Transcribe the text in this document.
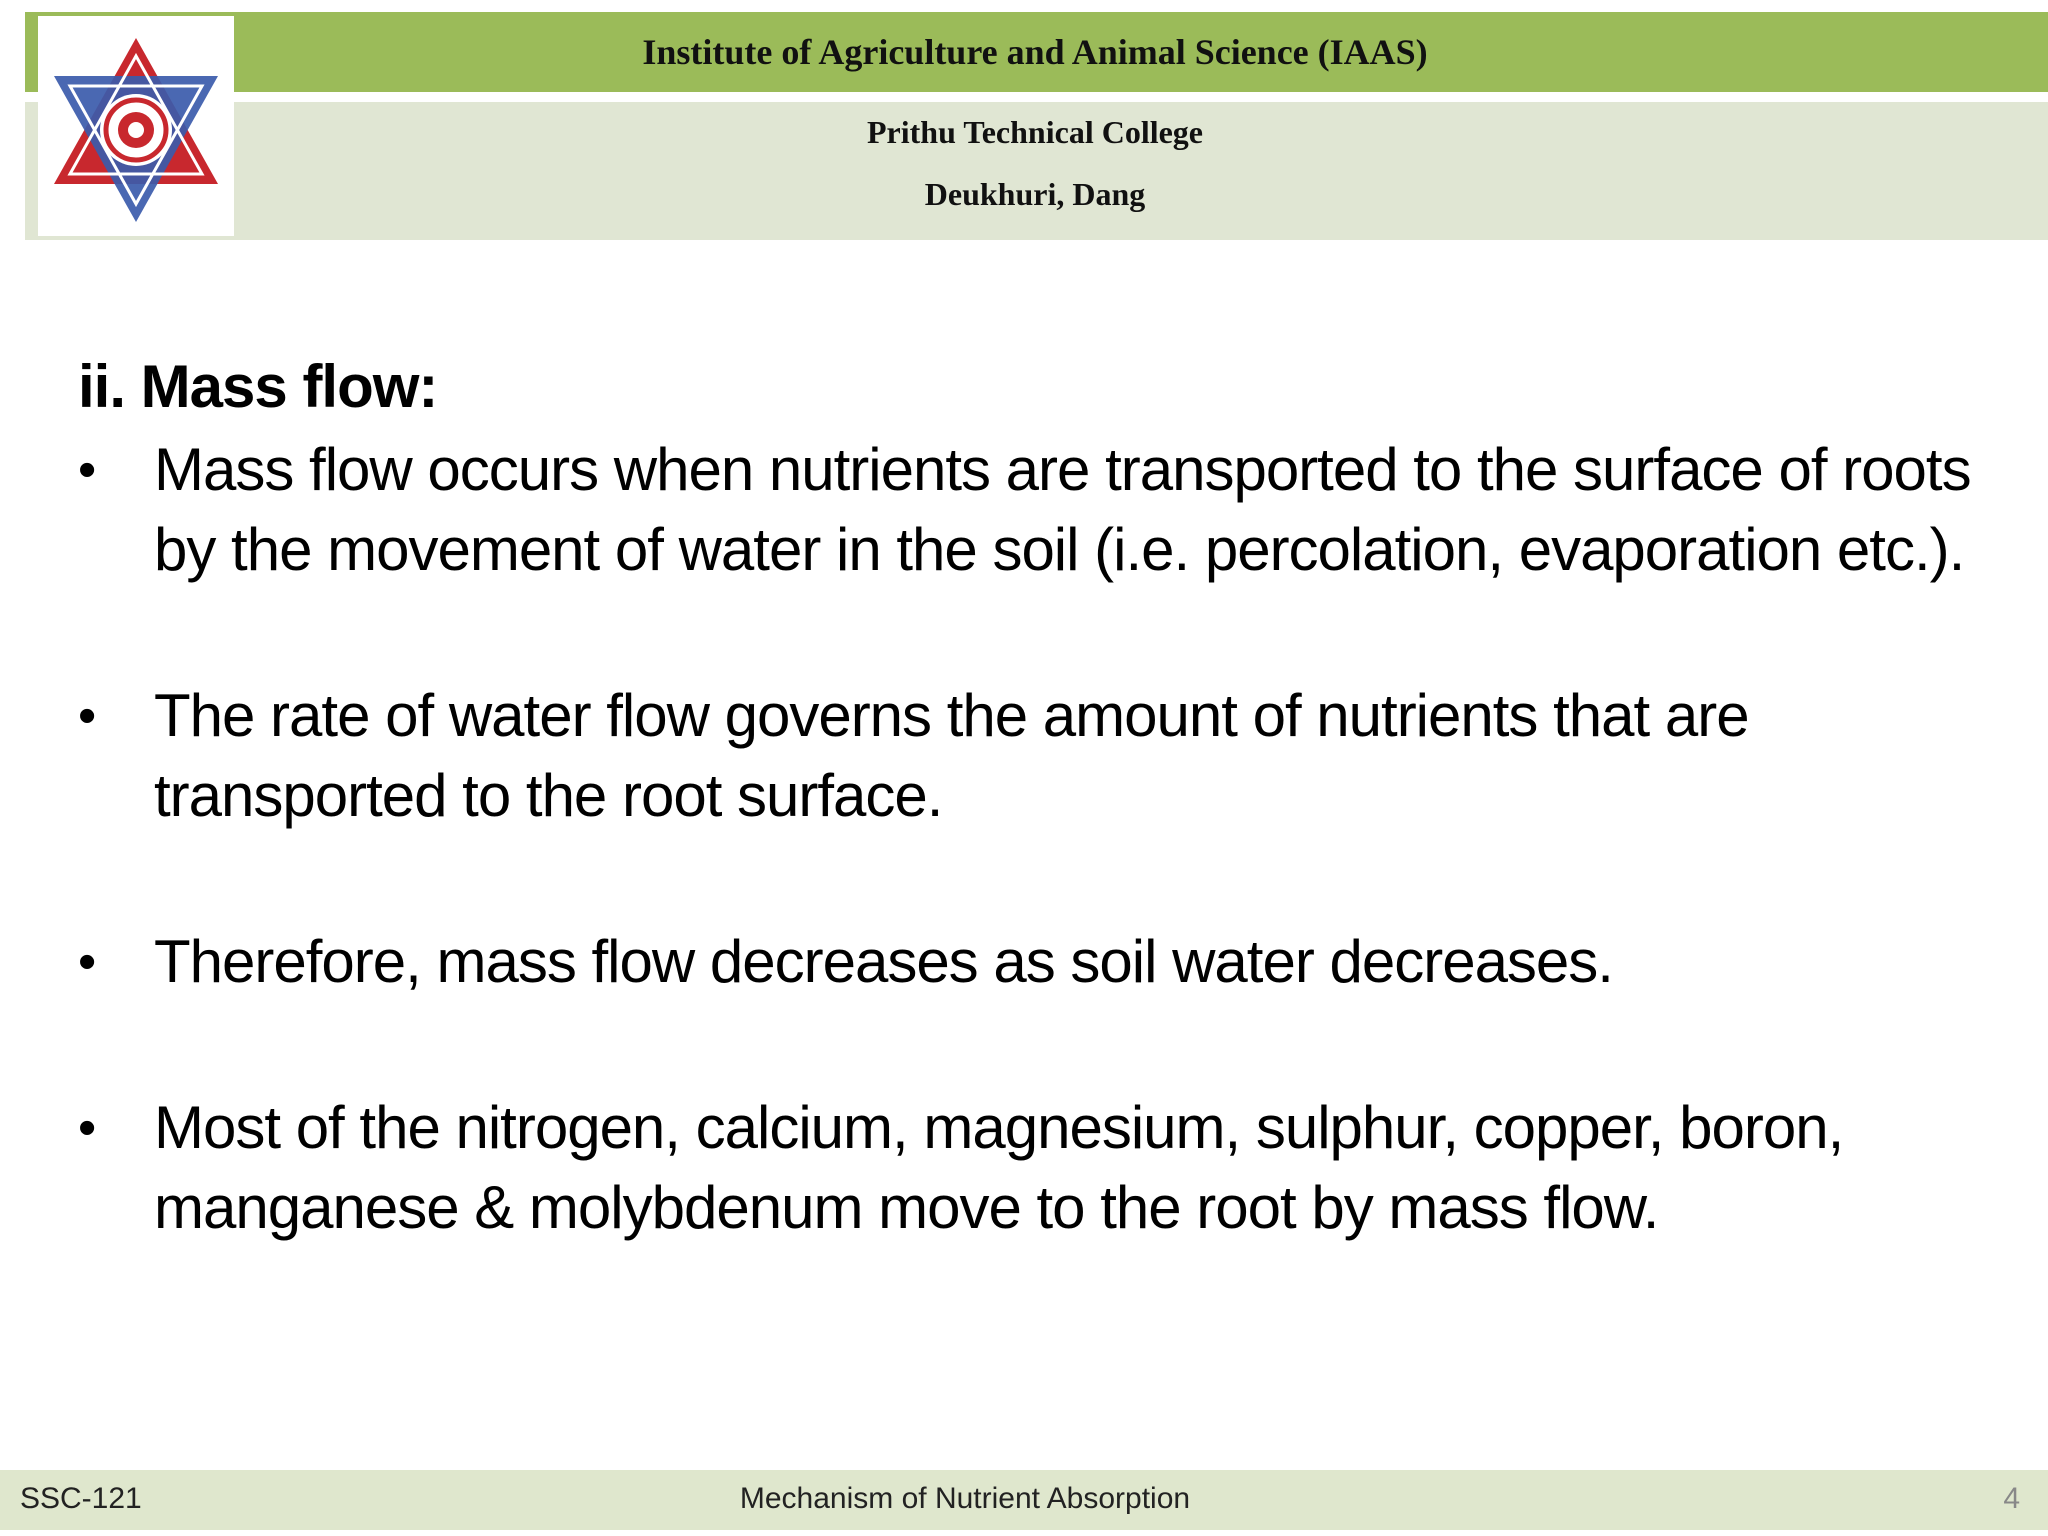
Institute of Agriculture and Animal Science (IAAS)
Prithu Technical College
Deukhuri, Dang
ii. Mass flow:
• Mass flow occurs when nutrients are transported to the surface of roots by the movement of water in the soil (i.e. percolation, evaporation etc.).
• The rate of water flow governs the amount of nutrients that are transported to the root surface.
• Therefore, mass flow decreases as soil water decreases.
• Most of the nitrogen, calcium, magnesium, sulphur, copper, boron, manganese & molybdenum move to the root by mass flow.
SSC-121	Mechanism of Nutrient Absorption	4
